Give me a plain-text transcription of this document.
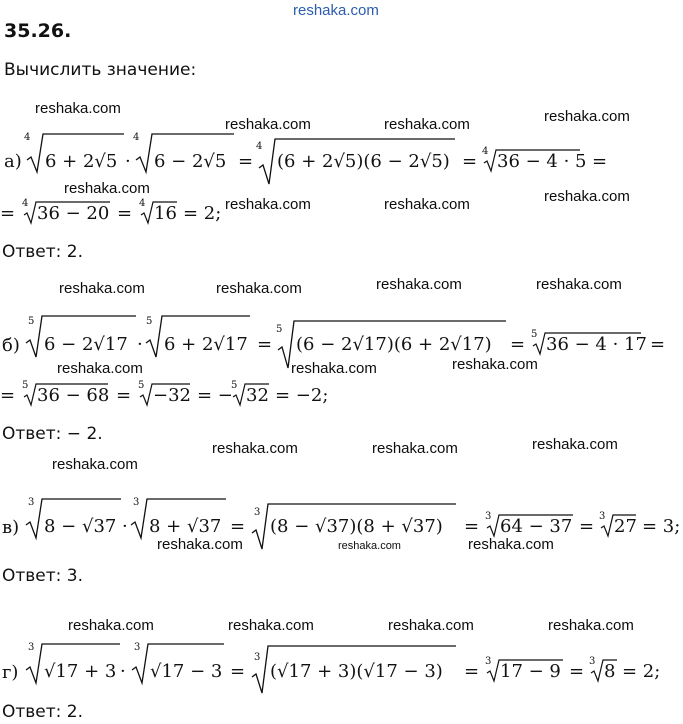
reshaka.com
35.26.
Вычислить значение:
reshaka.com
reshaka.com	reshaka.com	reshaka.com
reshaka.com
reshaka.com	reshaka.com	reshaka.com
reshaka.com	reshaka.com	reshaka.com	reshaka.com
reshaka.com	reshaka.com	reshaka.com
reshaka.com
reshaka.com	reshaka.com	reshaka.com
reshaka.com	reshaka.com	reshaka.com
reshaka.com	reshaka.com	reshaka.com	reshaka.com
а)
4
6 + 2√5 ·
4
6 − 2√5 =
4
(6 + 2√5)(6 − 2√5) = 4 36 − 4 · 5 =
= 4 36 − 20 = 4 16 = 2;
Ответ: 2.
б)
5
6 − 2√17 ·
5
6 + 2√17 =
5
(6 − 2√17)(6 + 2√17) = 5 36 − 4 · 17 =
= 5 36 − 68 = 5 −32 = −
5 32 = −2;
Ответ: − 2.
в)
3
8 − √37 ·
3
8 + √37 =
3
(8 − √37)(8 + √37) = 3 64 − 37 = 3 27 = 3;
Ответ: 3.
г)
3
√17 + 3 ·
3
√17 − 3 =
3
(√17 + 3)(√17 − 3) = 3 17 − 9 = 3 8 = 2;
Ответ: 2.
